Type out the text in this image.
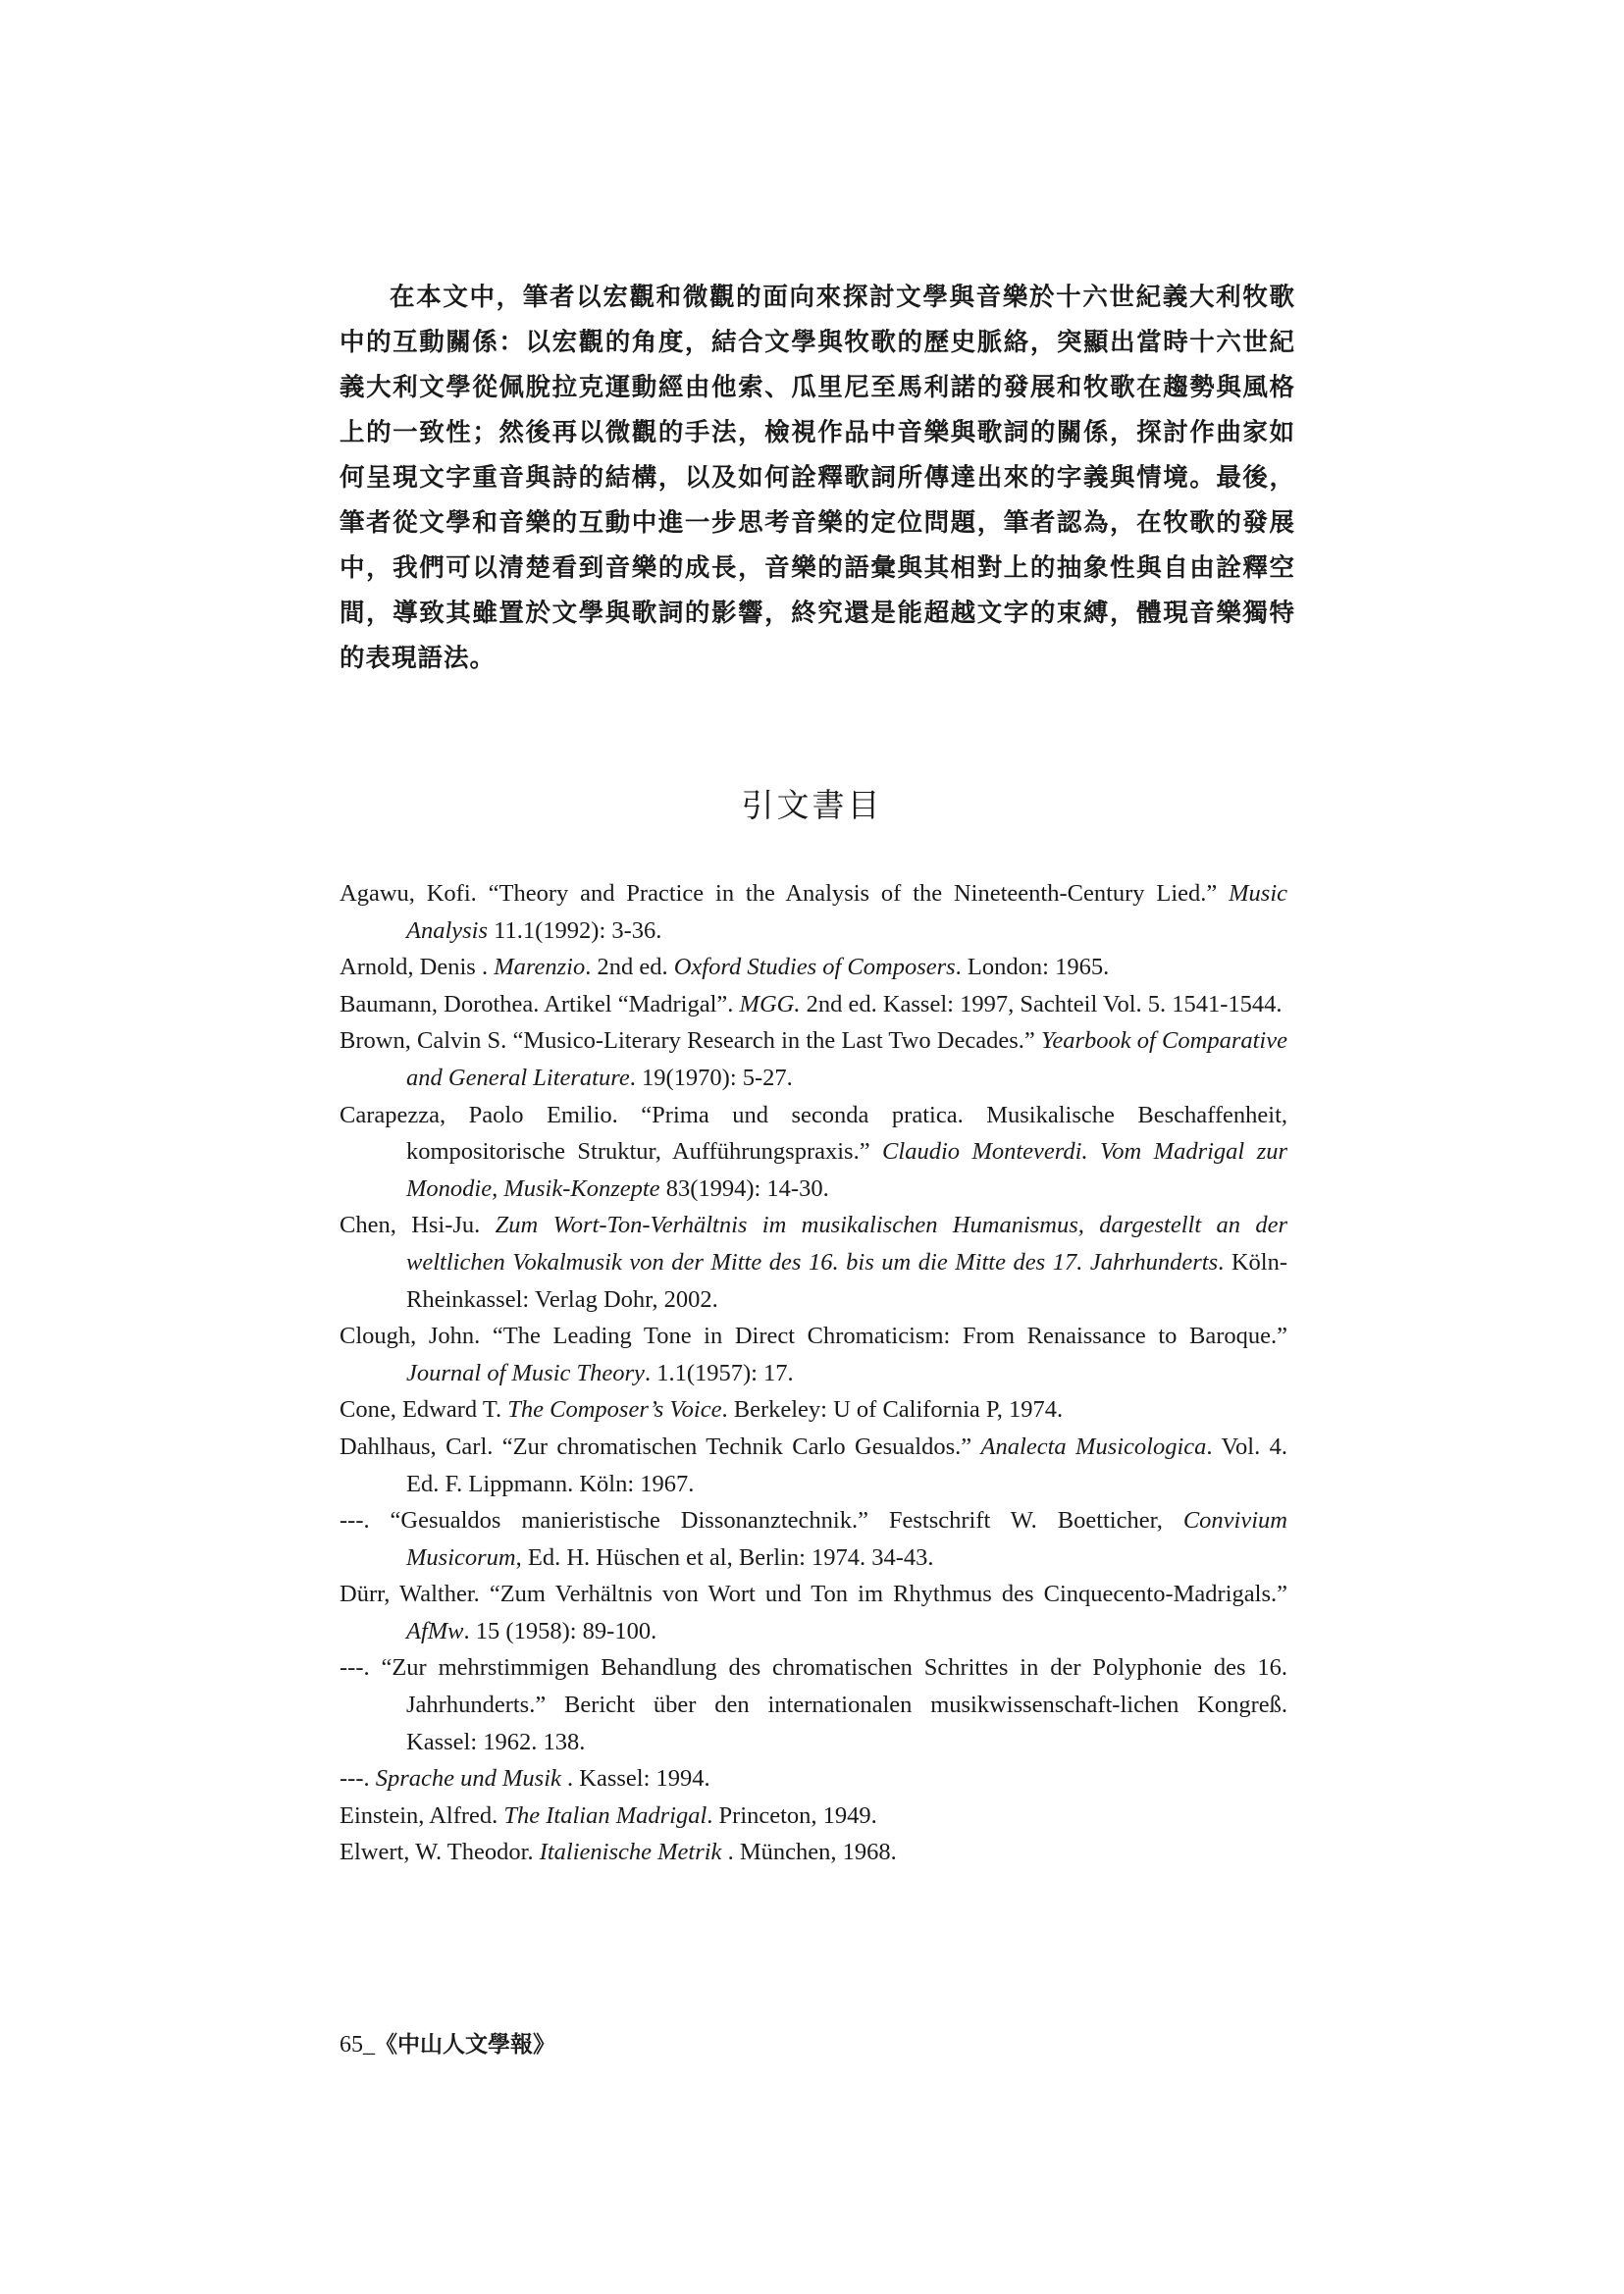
在本文中，筆者以宏觀和微觀的面向來探討文學與音樂於十六世紀義大利牧歌中的互動關係：以宏觀的角度，結合文學與牧歌的歷史脈絡，突顯出當時十六世紀義大利文學從佩脫拉克運動經由他索、瓜里尼至馬利諾的發展和牧歌在趨勢與風格上的一致性；然後再以微觀的手法，檢視作品中音樂與歌詞的關係，探討作曲家如何呈現文字重音與詩的結構，以及如何詮釋歌詞所傳達出來的字義與情境。最後，筆者從文學和音樂的互動中進一步思考音樂的定位問題，筆者認為，在牧歌的發展中，我們可以清楚看到音樂的成長，音樂的語彙與其相對上的抽象性與自由詮釋空間，導致其雖置於文學與歌詞的影響，終究還是能超越文字的束縛，體現音樂獨特的表現語法。

引文書目
Agawu, Kofi. “Theory and Practice in the Analysis of the Nineteenth-Century Lied.” Music Analysis 11.1(1992): 3-36.
Arnold, Denis . Marenzio. 2nd ed. Oxford Studies of Composers. London: 1965.
Baumann, Dorothea. Artikel “Madrigal”. MGG. 2nd ed. Kassel: 1997, Sachteil Vol. 5. 1541-1544.
Brown, Calvin S. “Musico-Literary Research in the Last Two Decades.” Yearbook of Comparative and General Literature. 19(1970): 5-27.
Carapezza, Paolo Emilio. “Prima und seconda pratica. Musikalische Beschaffenheit, kompositorische Struktur, Aufführungspraxis.” Claudio Monteverdi. Vom Madrigal zur Monodie, Musik-Konzepte 83(1994): 14-30.
Chen, Hsi-Ju. Zum Wort-Ton-Verhältnis im musikalischen Humanismus, dargestellt an der weltlichen Vokalmusik von der Mitte des 16. bis um die Mitte des 17. Jahrhunderts. Köln-Rheinkassel: Verlag Dohr, 2002.
Clough, John. “The Leading Tone in Direct Chromaticism: From Renaissance to Baroque.” Journal of Music Theory. 1.1(1957): 17.
Cone, Edward T. The Composer’s Voice. Berkeley: U of California P, 1974.
Dahlhaus, Carl. “Zur chromatischen Technik Carlo Gesualdos.” Analecta Musicologica. Vol. 4. Ed. F. Lippmann. Köln: 1967.
---. “Gesualdos manieristische Dissonanztechnik.” Festschrift W. Boetticher, Convivium Musicorum, Ed. H. Hüschen et al, Berlin: 1974. 34-43.
Dürr, Walther. “Zum Verhältnis von Wort und Ton im Rhythmus des Cinquecento-Madrigals.” AfMw. 15 (1958): 89-100.
---. “Zur mehrstimmigen Behandlung des chromatischen Schrittes in der Polyphonie des 16. Jahrhunderts.” Bericht über den internationalen musikwissenschaft-lichen Kongreß. Kassel: 1962. 138.
---. Sprache und Musik . Kassel: 1994.
Einstein, Alfred. The Italian Madrigal. Princeton, 1949.
Elwert, W. Theodor. Italienische Metrik . München, 1968.
65_《中山人文學報》
